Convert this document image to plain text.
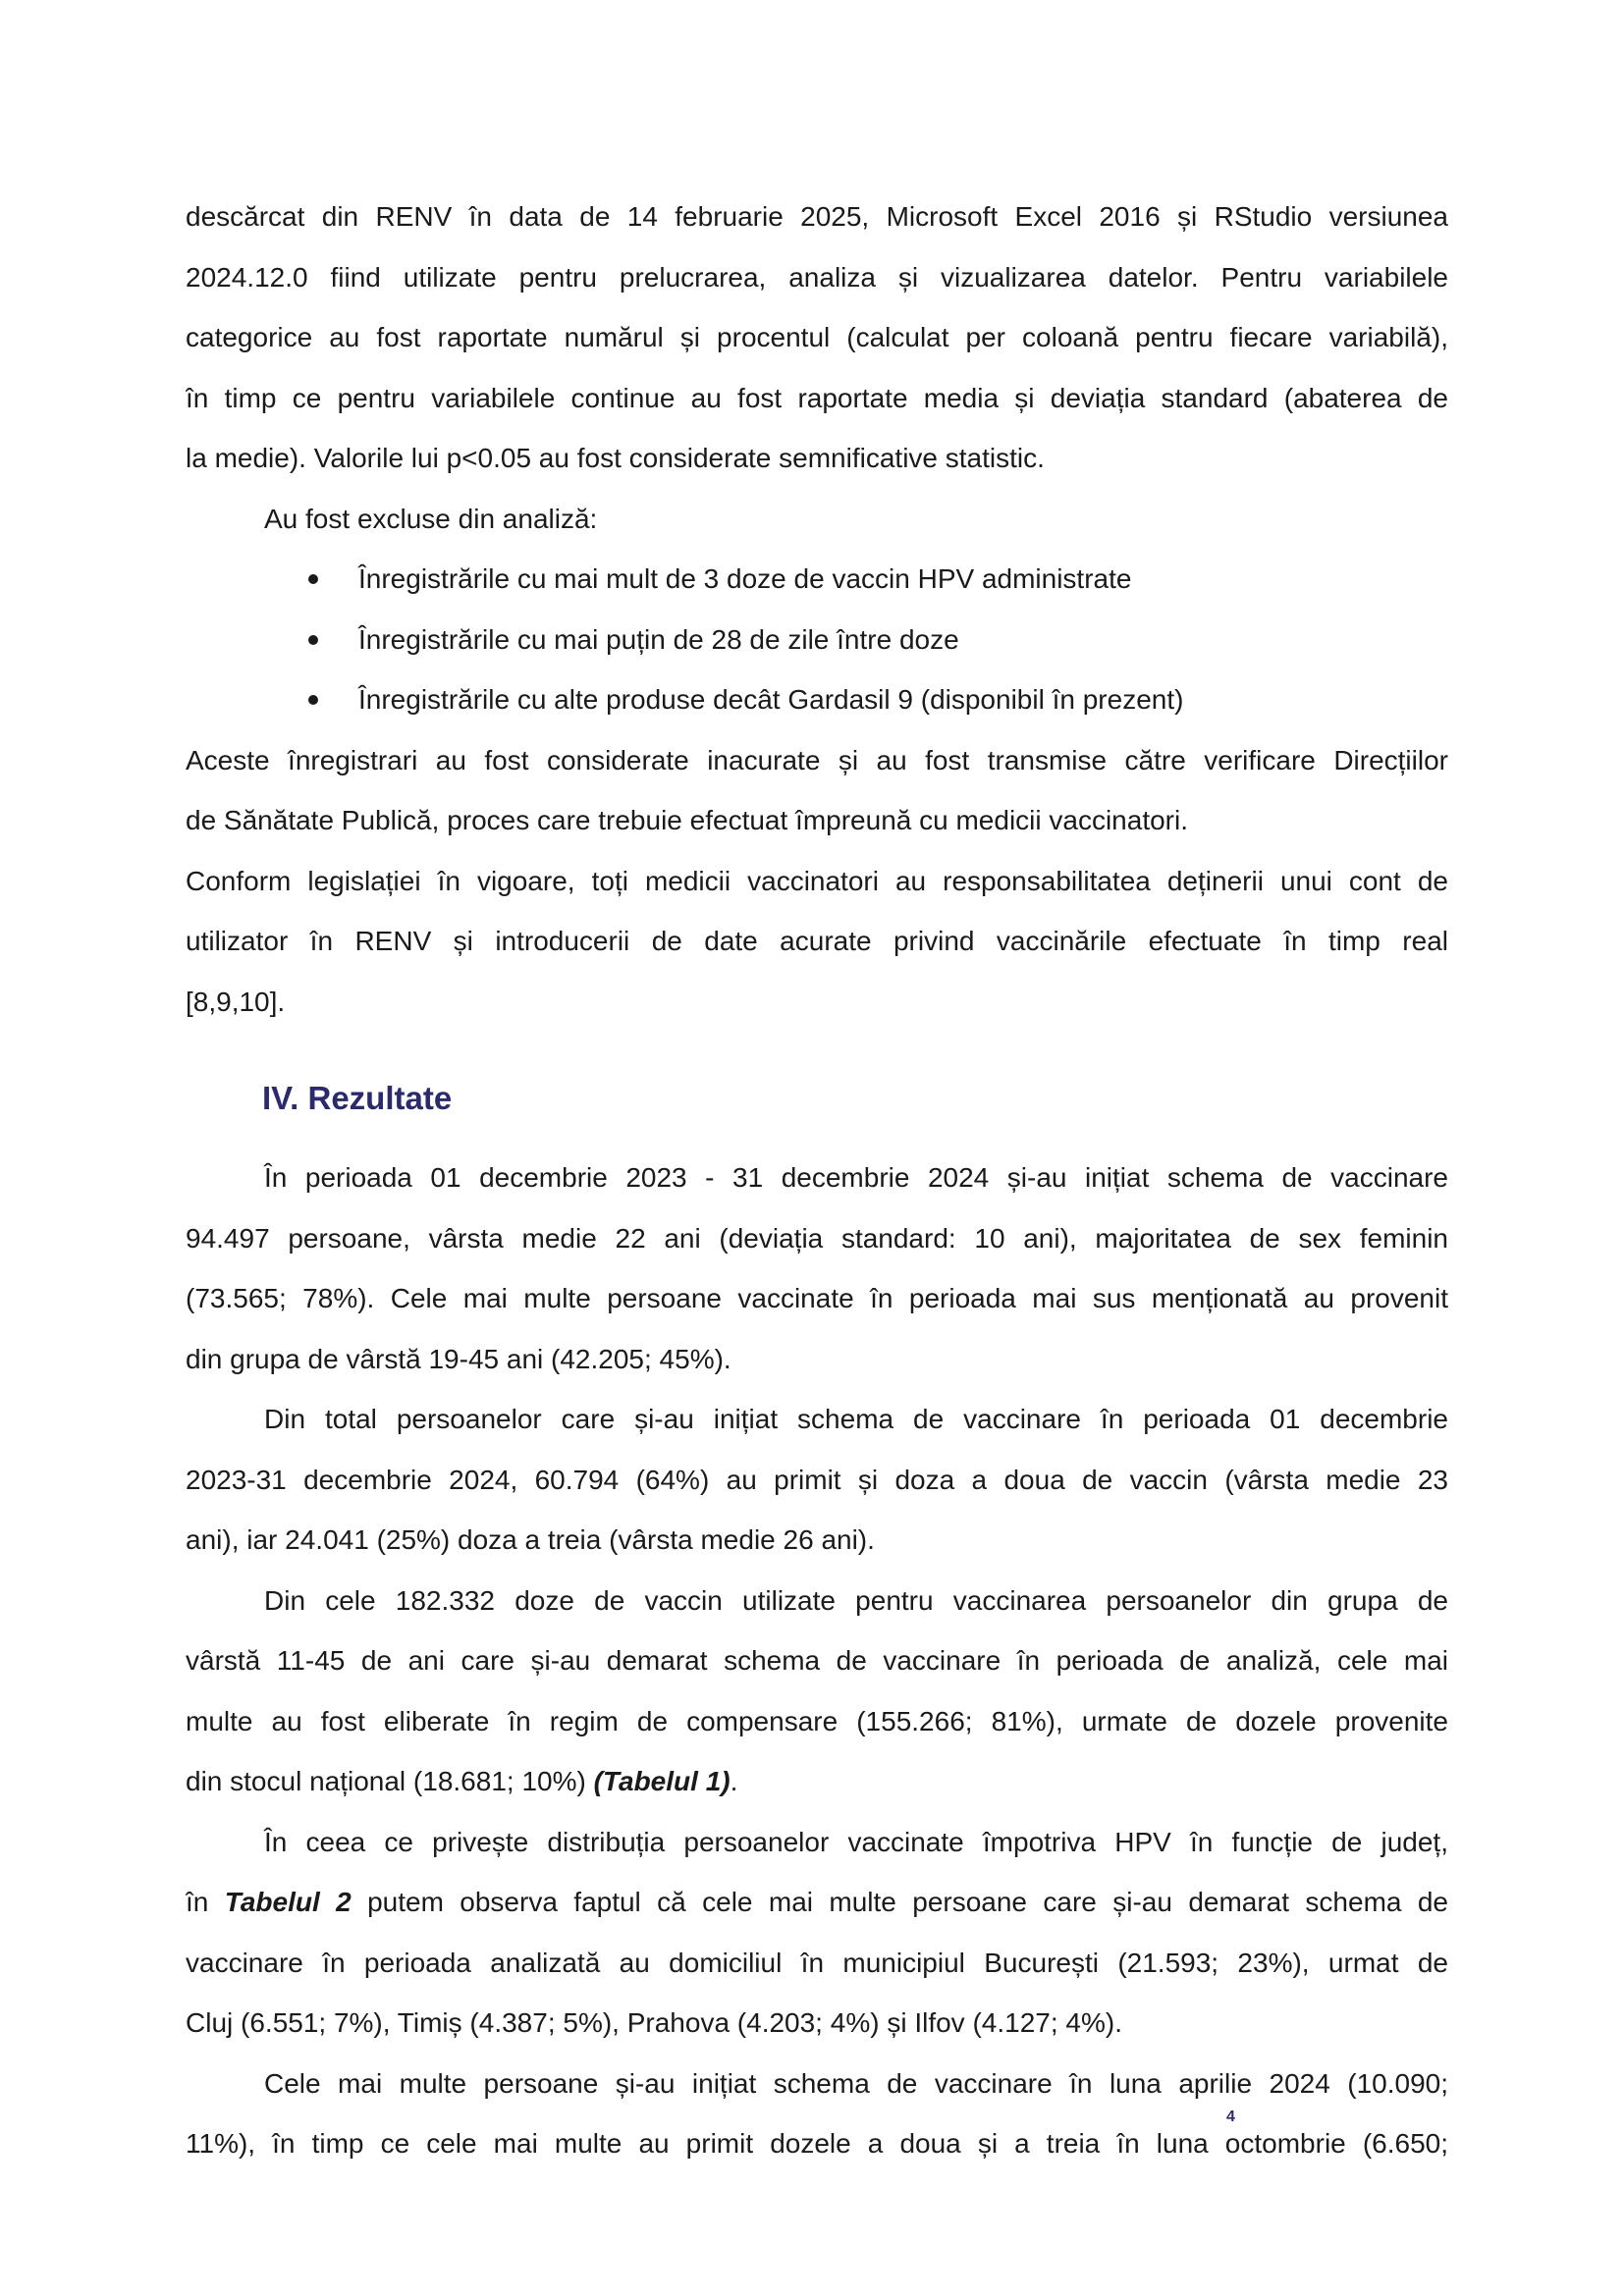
descărcat din RENV în data de 14 februarie 2025, Microsoft Excel 2016 și RStudio versiunea
2024.12.0 fiind utilizate pentru prelucrarea, analiza și vizualizarea datelor. Pentru variabilele
categorice au fost raportate numărul și procentul (calculat per coloană pentru fiecare variabilă),
în timp ce pentru variabilele continue au fost raportate media și deviația standard (abaterea de
la medie). Valorile lui p<0.05 au fost considerate semnificative statistic.
Au fost excluse din analiză:
Înregistrările cu mai mult de 3 doze de vaccin HPV administrate
Înregistrările cu mai puțin de 28 de zile între doze
Înregistrările cu alte produse decât Gardasil 9 (disponibil în prezent)
Aceste înregistrari au fost considerate inacurate și au fost transmise către verificare Direcțiilor
de Sănătate Publică, proces care trebuie efectuat împreună cu medicii vaccinatori.
Conform legislației în vigoare, toți medicii vaccinatori au responsabilitatea deținerii unui cont de
utilizator în RENV și introducerii de date acurate privind vaccinările efectuate în timp real
[8,9,10].
IV. Rezultate
În perioada 01 decembrie 2023 - 31 decembrie 2024 și-au inițiat schema de vaccinare
94.497 persoane, vârsta medie 22 ani (deviația standard: 10 ani), majoritatea de sex feminin
(73.565; 78%). Cele mai multe persoane vaccinate în perioada mai sus menționată au provenit
din grupa de vârstă 19-45 ani (42.205; 45%).
Din total persoanelor care și-au inițiat schema de vaccinare în perioada 01 decembrie
2023-31 decembrie 2024, 60.794 (64%) au primit și doza a doua de vaccin (vârsta medie 23
ani), iar 24.041 (25%) doza a treia (vârsta medie 26 ani).
Din cele 182.332 doze de vaccin utilizate pentru vaccinarea persoanelor din grupa de
vârstă 11-45 de ani care și-au demarat schema de vaccinare în perioada de analiză, cele mai
multe au fost eliberate în regim de compensare (155.266; 81%), urmate de dozele provenite
din stocul național (18.681; 10%) (Tabelul 1).
În ceea ce privește distribuția persoanelor vaccinate împotriva HPV în funcție de județ,
în Tabelul 2 putem observa faptul că cele mai multe persoane care și-au demarat schema de
vaccinare în perioada analizată au domiciliul în municipiul București (21.593; 23%), urmat de
Cluj (6.551; 7%), Timiș (4.387; 5%), Prahova (4.203; 4%) și Ilfov (4.127; 4%).
Cele mai multe persoane și-au inițiat schema de vaccinare în luna aprilie 2024 (10.090;
11%), în timp ce cele mai multe au primit dozele a doua și a treia în luna octombrie (6.650;
4
